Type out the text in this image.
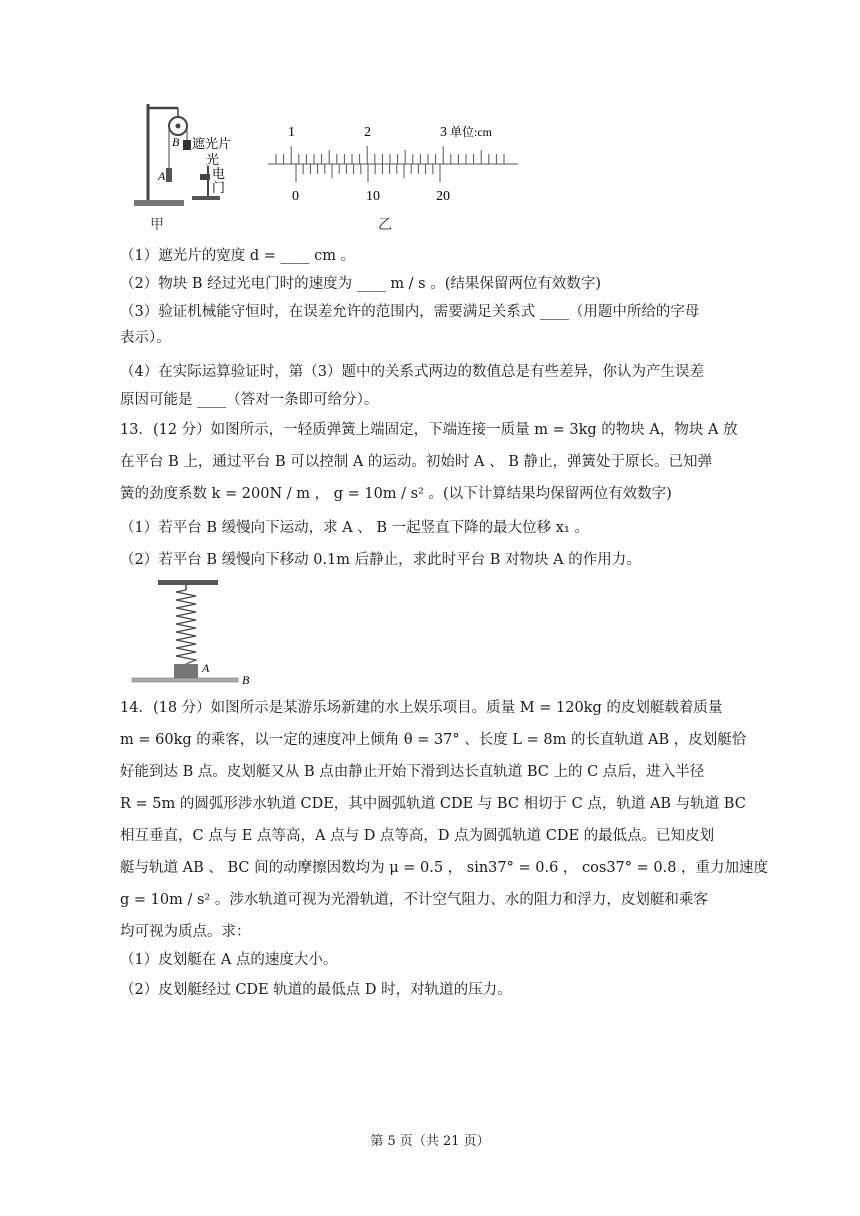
B
A
遮光片
光
电
门
甲
1	2	3 单位:cm
0	10	20
乙
（1）遮光片的宽度 d = ____ cm 。
（2）物块 B 经过光电门时的速度为 ____ m / s 。(结果保留两位有效数字)
（3）验证机械能守恒时，在误差允许的范围内，需要满足关系式 ____（用题中所给的字母
表示）。
（4）在实际运算验证时，第（3）题中的关系式两边的数值总是有些差异，你认为产生误差
原因可能是 ____（答对一条即可给分）。
13．(12 分）如图所示，一轻质弹簧上端固定，下端连接一质量 m = 3kg 的物块 A，物块 A 放
在平台 B 上，通过平台 B 可以控制 A 的运动。初始时 A 、 B 静止，弹簧处于原长。已知弹
簧的劲度系数 k = 200N / m ， g = 10m / s² 。(以下计算结果均保留两位有效数字)
（1）若平台 B 缓慢向下运动，求 A 、 B 一起竖直下降的最大位移 x₁ 。
（2）若平台 B 缓慢向下移动 0.1m 后静止，求此时平台 B 对物块 A 的作用力。
A
B
14．(18 分）如图所示是某游乐场新建的水上娱乐项目。质量 M = 120kg 的皮划艇载着质量
m = 60kg 的乘客，以一定的速度冲上倾角 θ = 37° 、长度 L = 8m 的长直轨道 AB ，皮划艇恰
好能到达 B 点。皮划艇又从 B 点由静止开始下滑到达长直轨道 BC 上的 C 点后，进入半径
R = 5m 的圆弧形涉水轨道 CDE，其中圆弧轨道 CDE 与 BC 相切于 C 点，轨道 AB 与轨道 BC
相互垂直，C 点与 E 点等高，A 点与 D 点等高，D 点为圆弧轨道 CDE 的最低点。已知皮划
艇与轨道 AB 、 BC 间的动摩擦因数均为 μ = 0.5 ， sin37° = 0.6 ， cos37° = 0.8 ，重力加速度
g = 10m / s² 。涉水轨道可视为光滑轨道，不计空气阻力、水的阻力和浮力，皮划艇和乘客
均可视为质点。求：
（1）皮划艇在 A 点的速度大小。
（2）皮划艇经过 CDE 轨道的最低点 D 时，对轨道的压力。
第 5 页（共 21 页）
